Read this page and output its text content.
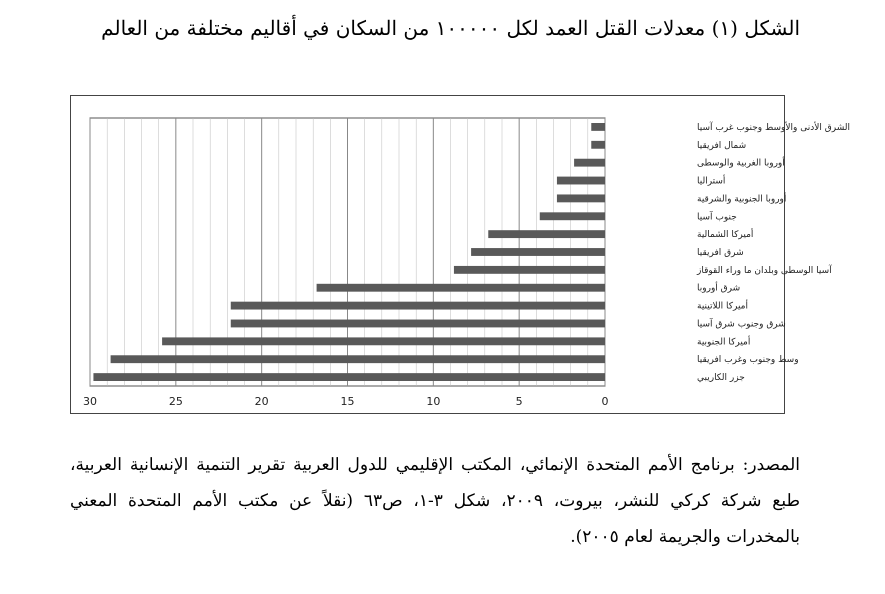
الشكل (١) معدلات القتل العمد لكل ١٠٠٠٠٠ من السكان في أقاليم مختلفة من العالم
30	25	20	15	10	5	0
الشرق الأدنى والأوسط وجنوب غرب آسيا
شمال افريقيا
أوروبا الغربية والوسطى
أستراليا
أوروبا الجنوبية والشرقية
جنوب آسيا
أميركا الشمالية
شرق افريقيا
آسيا الوسطى وبلدان ما وراء القوقاز
شرق أوروبا
أميركا اللاتينية
شرق وجنوب شرق آسيا
أميركا الجنوبية
وسط وجنوب وغرب افريقيا
جزر الكاريبي
المصدر: برنامج الأمم المتحدة الإنمائي، المكتب الإقليمي للدول العربية تقرير التنمية الإنسانية العربية، طبع شركة كركي للنشر، بيروت، ٢٠٠٩، شكل ٣-١، ص٦٣ (نقلاً عن مكتب الأمم المتحدة المعني بالمخدرات والجريمة لعام ٢٠٠٥).
